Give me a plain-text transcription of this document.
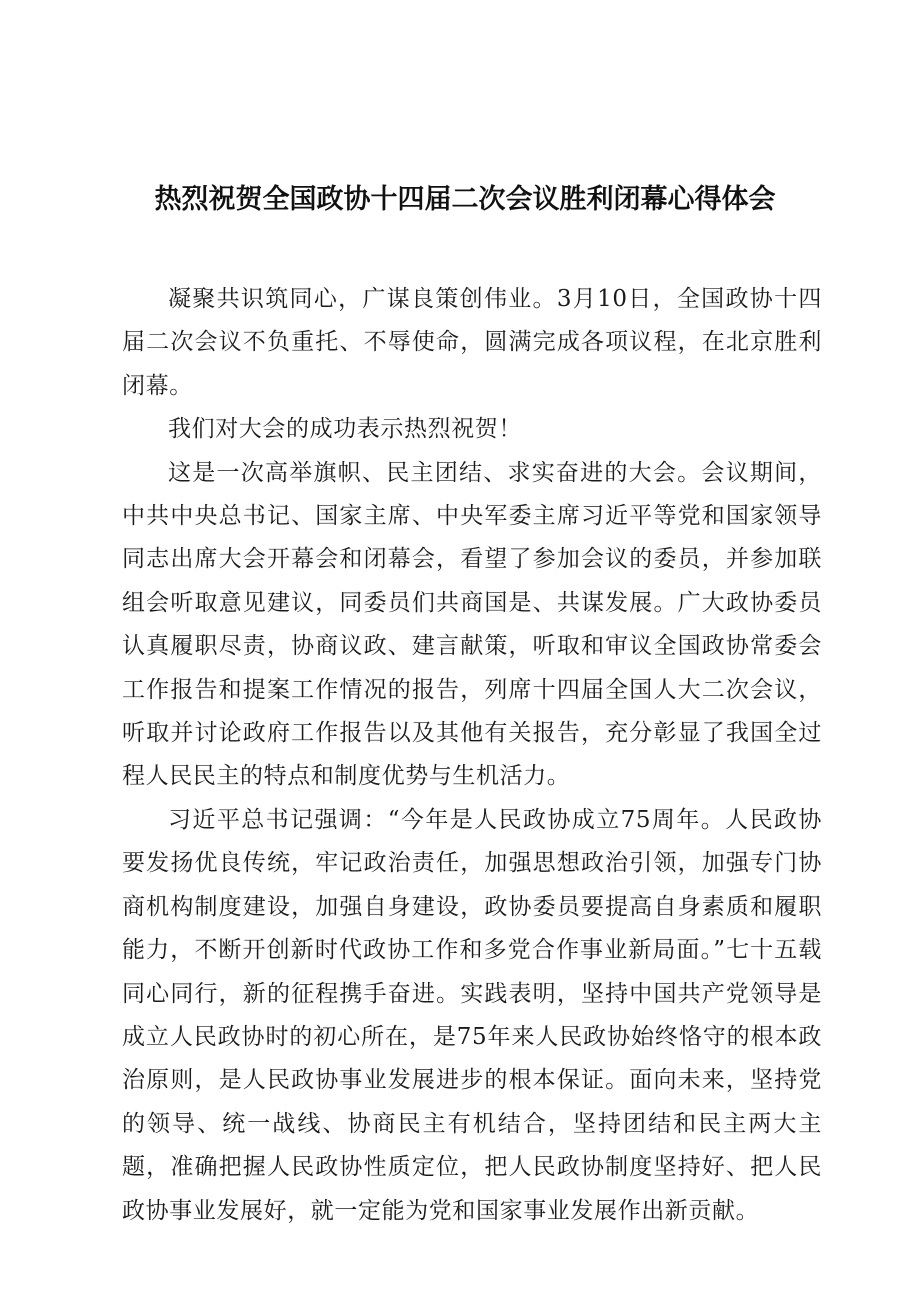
热烈祝贺全国政协十四届二次会议胜利闭幕心得体会

凝聚共识筑同心，广谋良策创伟业。3月10日，全国政协十四届二次会议不负重托、不辱使命，圆满完成各项议程，在北京胜利闭幕。

我们对大会的成功表示热烈祝贺！

这是一次高举旗帜、民主团结、求实奋进的大会。会议期间，中共中央总书记、国家主席、中央军委主席习近平等党和国家领导同志出席大会开幕会和闭幕会，看望了参加会议的委员，并参加联组会听取意见建议，同委员们共商国是、共谋发展。广大政协委员认真履职尽责，协商议政、建言献策，听取和审议全国政协常委会工作报告和提案工作情况的报告，列席十四届全国人大二次会议，听取并讨论政府工作报告以及其他有关报告，充分彰显了我国全过程人民民主的特点和制度优势与生机活力。

习近平总书记强调：“今年是人民政协成立75周年。人民政协要发扬优良传统，牢记政治责任，加强思想政治引领，加强专门协商机构制度建设，加强自身建设，政协委员要提高自身素质和履职能力，不断开创新时代政协工作和多党合作事业新局面。”七十五载同心同行，新的征程携手奋进。实践表明，坚持中国共产党领导是成立人民政协时的初心所在，是75年来人民政协始终恪守的根本政治原则，是人民政协事业发展进步的根本保证。面向未来，坚持党的领导、统一战线、协商民主有机结合，坚持团结和民主两大主题，准确把握人民政协性质定位，把人民政协制度坚持好、把人民政协事业发展好，就一定能为党和国家事业发展作出新贡献。
